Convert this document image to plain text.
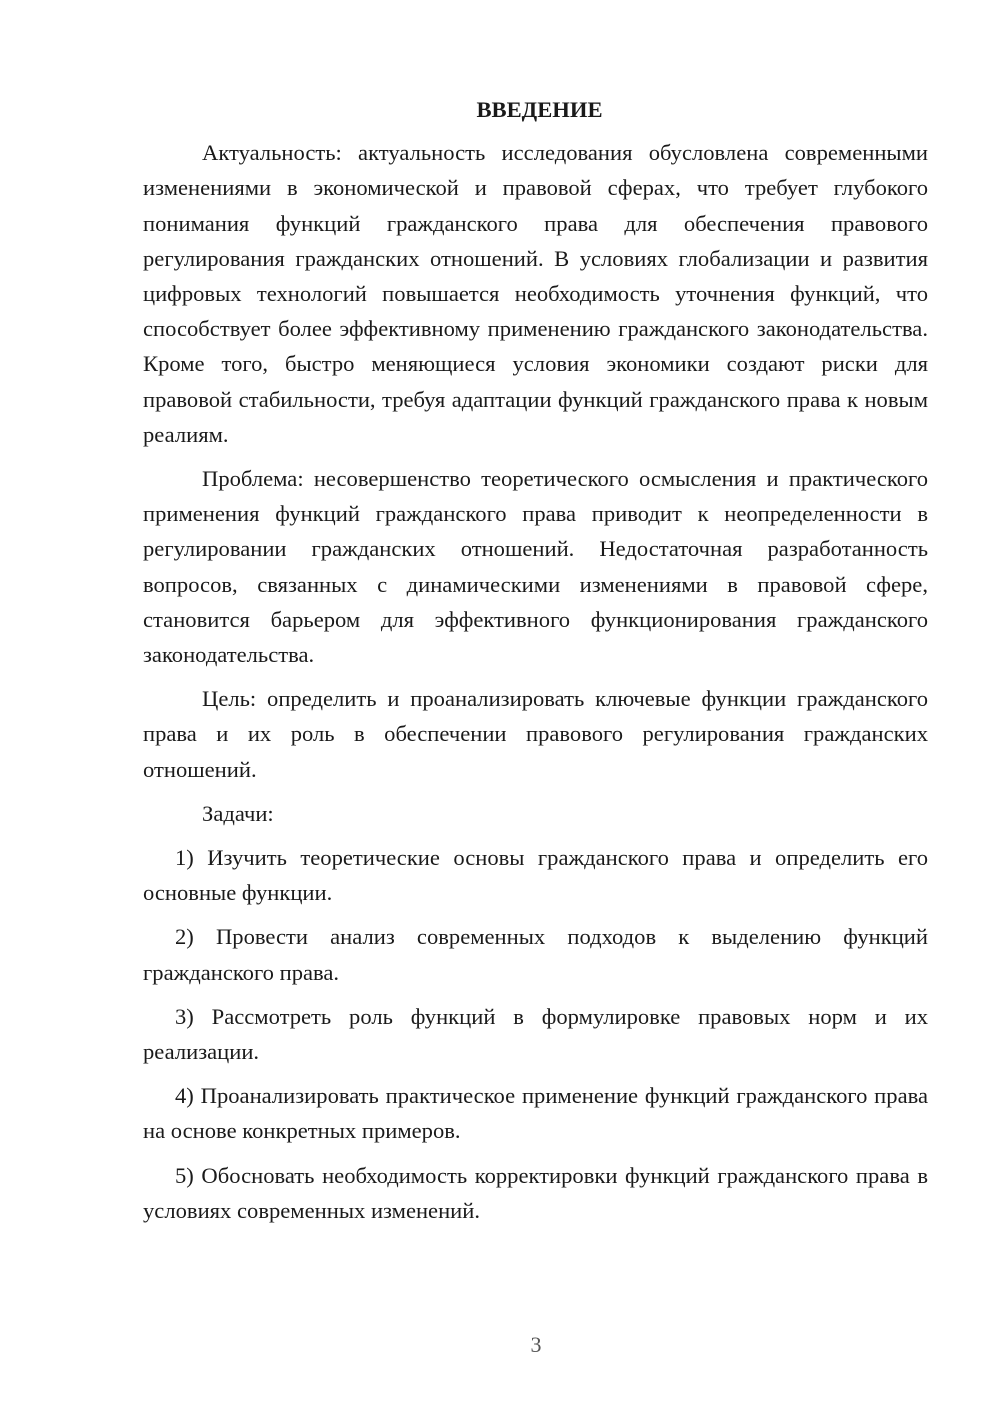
ВВЕДЕНИЕ

Актуальность: актуальность исследования обусловлена современными изменениями в экономической и правовой сферах, что требует глубокого понимания функций гражданского права для обеспечения правового регулирования гражданских отношений. В условиях глобализации и развития цифровых технологий повышается необходимость уточнения функций, что способствует более эффективному применению гражданского законодательства. Кроме того, быстро меняющиеся условия экономики создают риски для правовой стабильности, требуя адаптации функций гражданского права к новым реалиям.

Проблема: несовершенство теоретического осмысления и практического применения функций гражданского права приводит к неопределенности в регулировании гражданских отношений. Недостаточная разработанность вопросов, связанных с динамическими изменениями в правовой сфере, становится барьером для эффективного функционирования гражданского законодательства.

Цель: определить и проанализировать ключевые функции гражданского права и их роль в обеспечении правового регулирования гражданских отношений.

Задачи:

1) Изучить теоретические основы гражданского права и определить его основные функции.

2) Провести анализ современных подходов к выделению функций гражданского права.

3) Рассмотреть роль функций в формулировке правовых норм и их реализации.

4) Проанализировать практическое применение функций гражданского права на основе конкретных примеров.

5) Обосновать необходимость корректировки функций гражданского права в условиях современных изменений.

3
